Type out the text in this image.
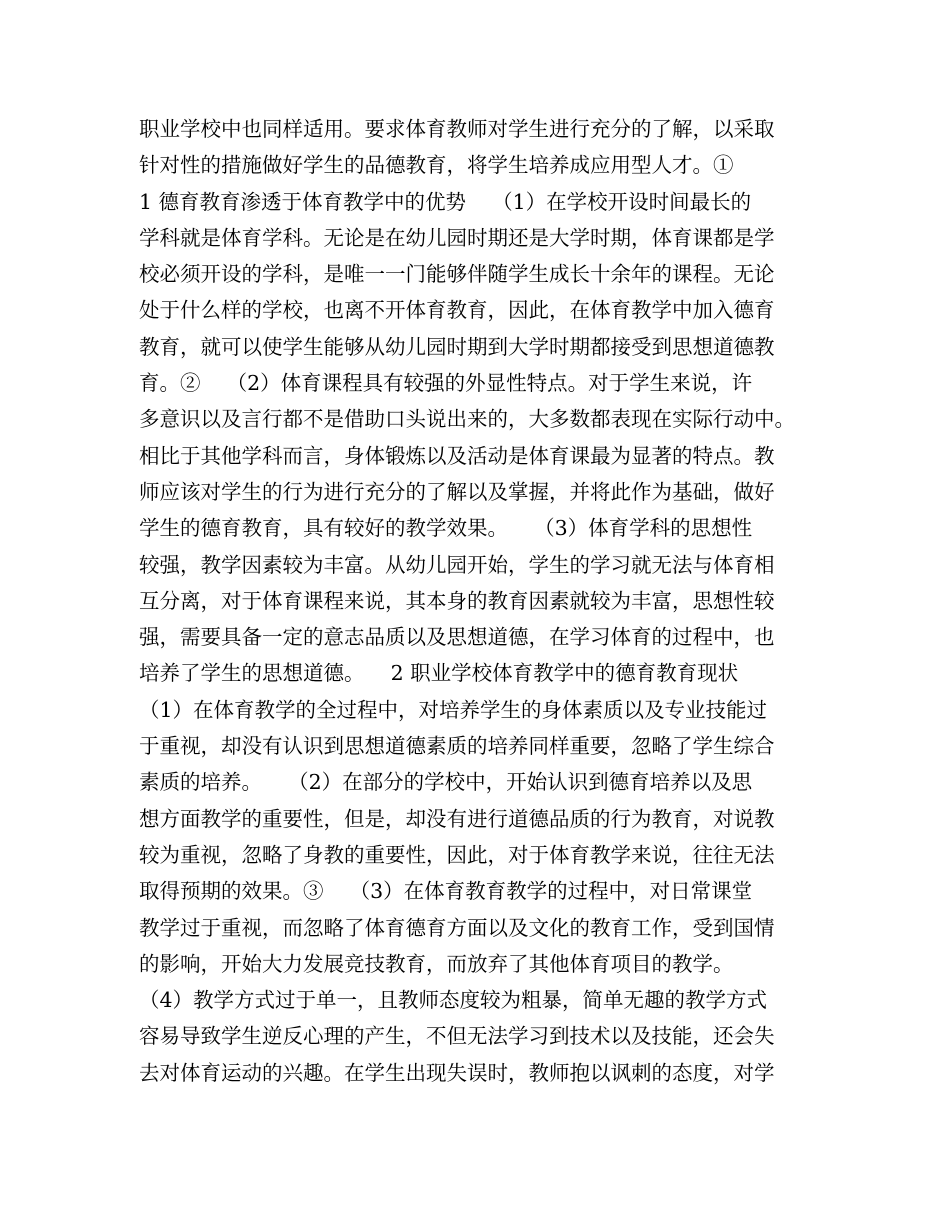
职业学校中也同样适用。要求体育教师对学生进行充分的了解，以采取
针对性的措施做好学生的品德教育，将学生培养成应用型人才。①
1 德育教育渗透于体育教学中的优势    （1）在学校开设时间最长的
学科就是体育学科。无论是在幼儿园时期还是大学时期，体育课都是学
校必须开设的学科，是唯一一门能够伴随学生成长十余年的课程。无论
处于什么样的学校，也离不开体育教育，因此，在体育教学中加入德育
教育，就可以使学生能够从幼儿园时期到大学时期都接受到思想道德教
育。②    （2）体育课程具有较强的外显性特点。对于学生来说，许
多意识以及言行都不是借助口头说出来的，大多数都表现在实际行动中。
相比于其他学科而言，身体锻炼以及活动是体育课最为显著的特点。教
师应该对学生的行为进行充分的了解以及掌握，并将此作为基础，做好
学生的德育教育，具有较好的教学效果。    （3）体育学科的思想性
较强，教学因素较为丰富。从幼儿园开始，学生的学习就无法与体育相
互分离，对于体育课程来说，其本身的教育因素就较为丰富，思想性较
强，需要具备一定的意志品质以及思想道德，在学习体育的过程中，也
培养了学生的思想道德。    2 职业学校体育教学中的德育教育现状
（1）在体育教学的全过程中，对培养学生的身体素质以及专业技能过
于重视，却没有认识到思想道德素质的培养同样重要，忽略了学生综合
素质的培养。    （2）在部分的学校中，开始认识到德育培养以及思
想方面教学的重要性，但是，却没有进行道德品质的行为教育，对说教
较为重视，忽略了身教的重要性，因此，对于体育教学来说，往往无法
取得预期的效果。③    （3）在体育教育教学的过程中，对日常课堂
教学过于重视，而忽略了体育德育方面以及文化的教育工作，受到国情
的影响，开始大力发展竞技教育，而放弃了其他体育项目的教学。
（4）教学方式过于单一，且教师态度较为粗暴，简单无趣的教学方式
容易导致学生逆反心理的产生，不但无法学习到技术以及技能，还会失
去对体育运动的兴趣。在学生出现失误时，教师抱以讽刺的态度，对学
